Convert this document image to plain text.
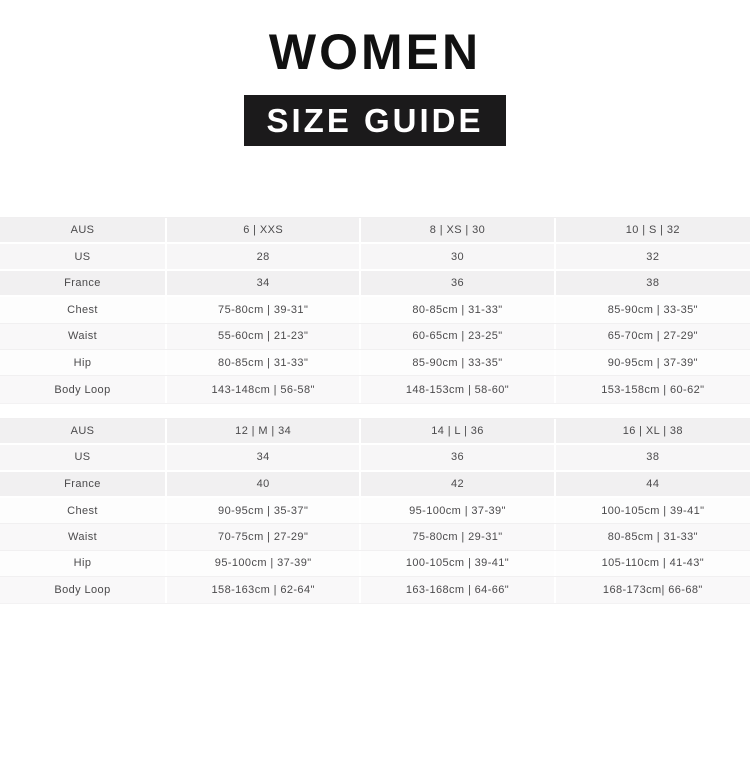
WOMEN
SIZE GUIDE
AUS	6 | XXS	8 | XS | 30	10 | S | 32
US	28	30	32
France	34	36	38
Chest	75-80cm | 39-31"	80-85cm | 31-33"	85-90cm | 33-35"
Waist	55-60cm | 21-23"	60-65cm | 23-25"	65-70cm | 27-29"
Hip	80-85cm | 31-33"	85-90cm | 33-35"	90-95cm | 37-39"
Body Loop	143-148cm | 56-58"	148-153cm | 58-60"	153-158cm | 60-62"
AUS	12 | M | 34	14 | L | 36	16 | XL | 38
US	34	36	38
France	40	42	44
Chest	90-95cm | 35-37"	95-100cm | 37-39"	100-105cm | 39-41"
Waist	70-75cm | 27-29"	75-80cm | 29-31"	80-85cm | 31-33"
Hip	95-100cm | 37-39"	100-105cm | 39-41"	105-110cm | 41-43"
Body Loop	158-163cm | 62-64"	163-168cm | 64-66"	168-173cm| 66-68"
